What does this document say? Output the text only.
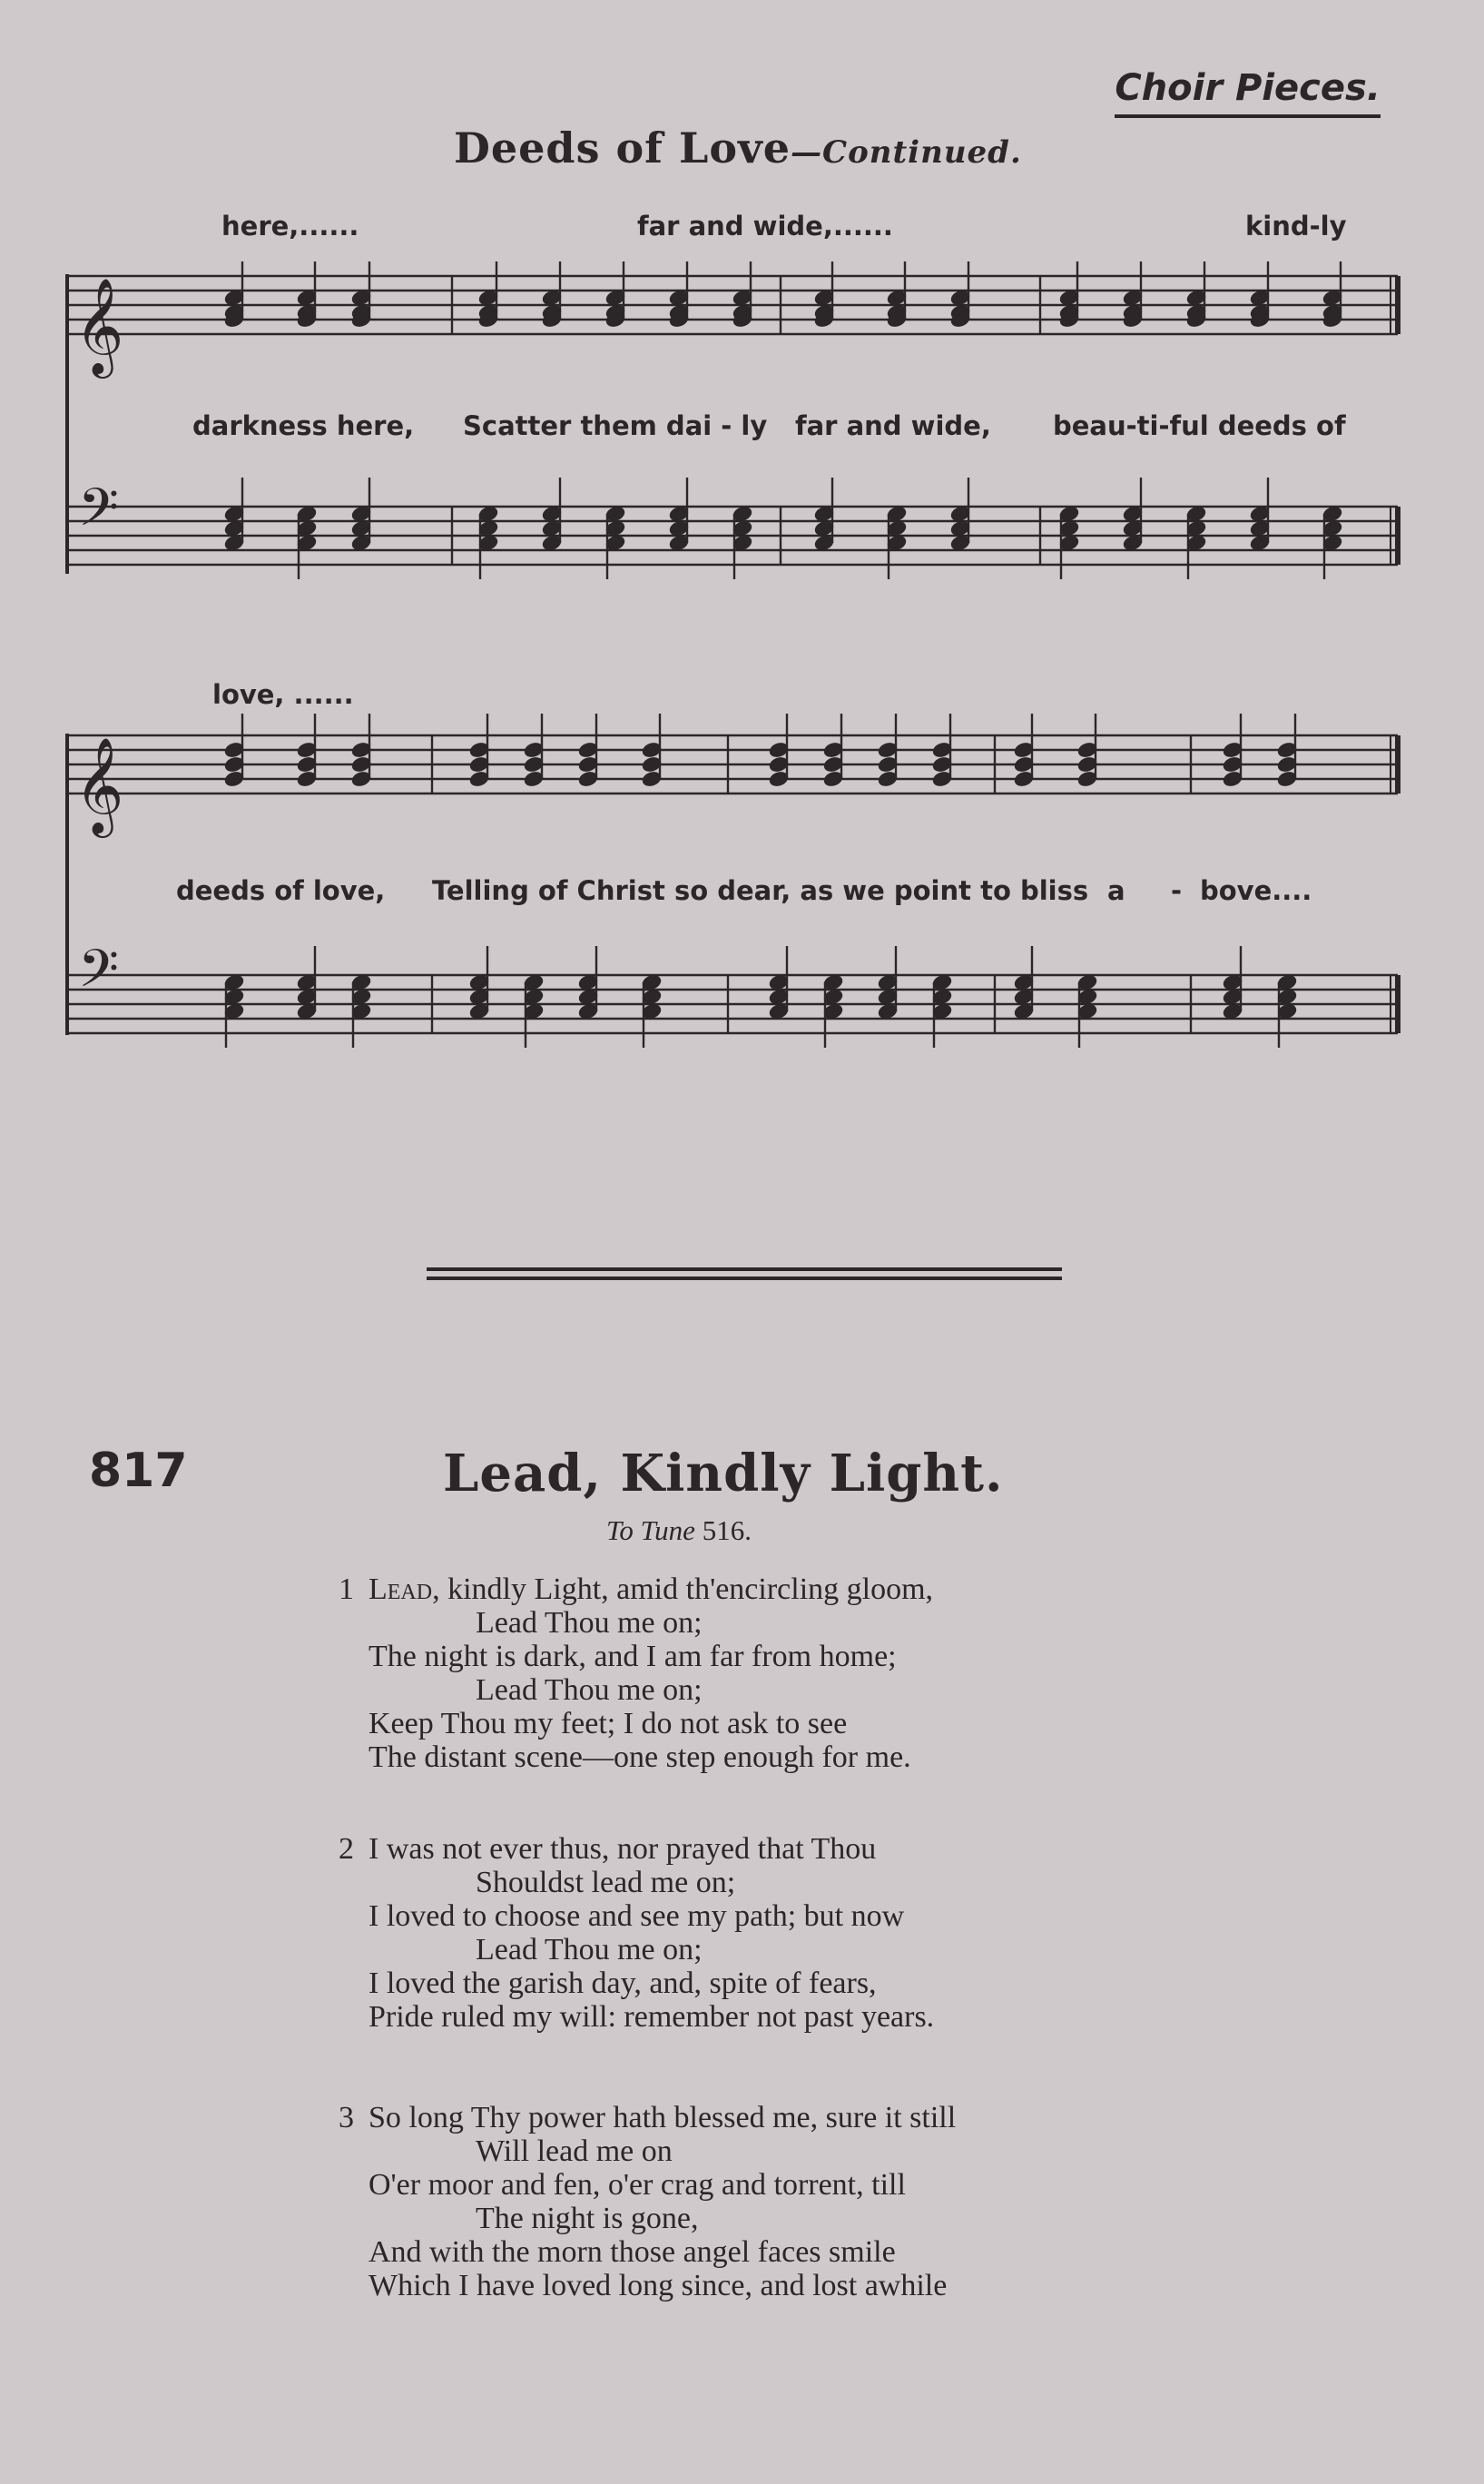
Choir Pieces.
Deeds of Love—Continued.
here,......	far and wide,......	kind-ly
darkness here, Scatter them dai - ly far and wide, beau-ti-ful deeds of
love, ......
deeds of love, Telling of Christ so dear, as we point to bliss a - bove....
𝄞
𝄢
𝄞
𝄢
817	Lead, Kindly Light.
To Tune 516.
1 Lead, kindly Light, amid th'encircling gloom,
Lead Thou me on;
The night is dark, and I am far from home;
Lead Thou me on;
Keep Thou my feet; I do not ask to see
The distant scene—one step enough for me.
2 I was not ever thus, nor prayed that Thou
Shouldst lead me on;
I loved to choose and see my path; but now
Lead Thou me on;
I loved the garish day, and, spite of fears,
Pride ruled my will: remember not past years.
3 So long Thy power hath blessed me, sure it still
Will lead me on
O'er moor and fen, o'er crag and torrent, till
The night is gone,
And with the morn those angel faces smile
Which I have loved long since, and lost awhile
